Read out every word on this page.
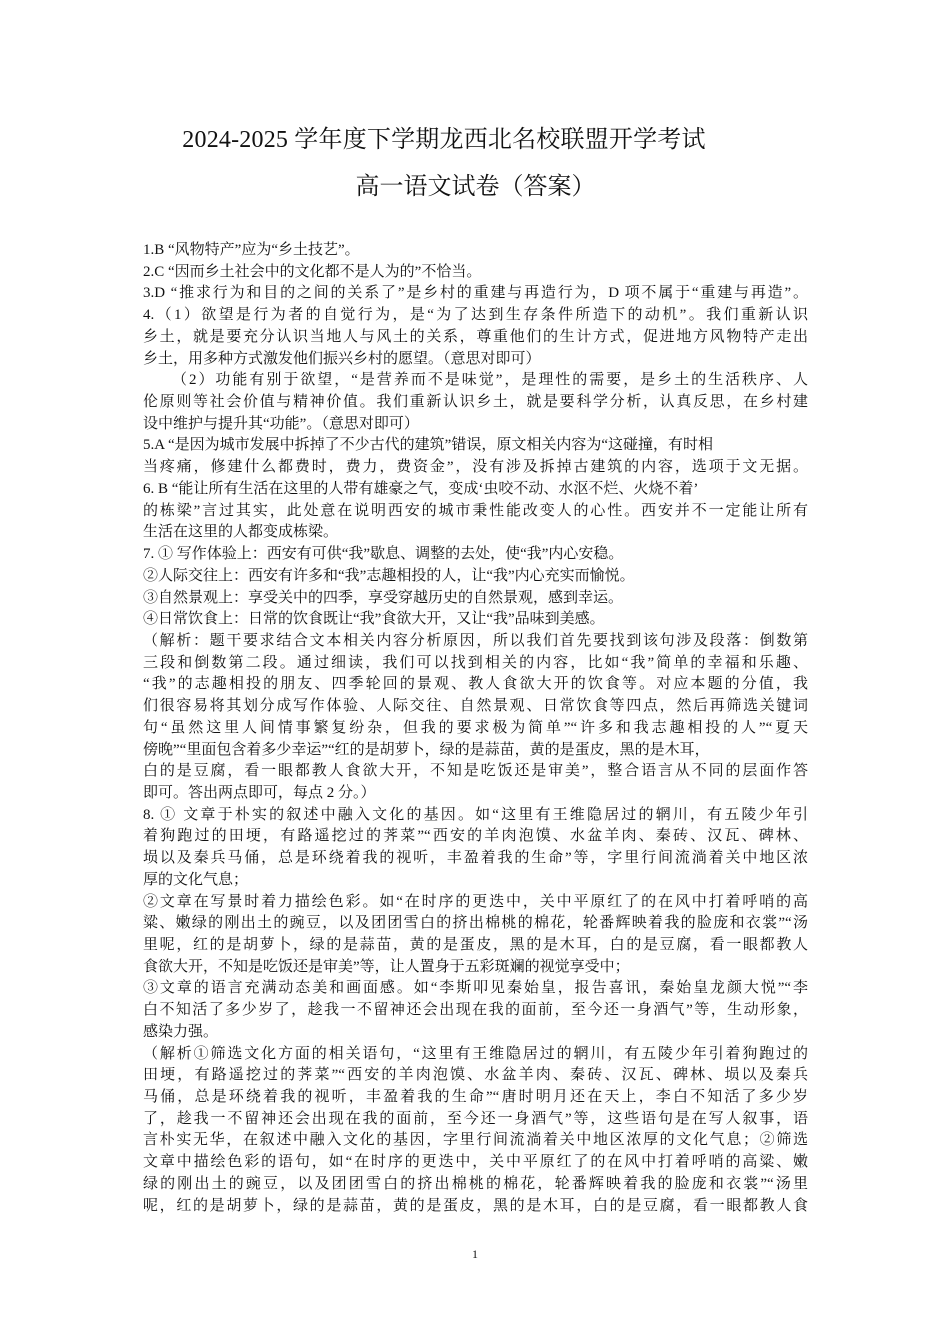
2024-2025 学年度下学期龙西北名校联盟开学考试
高一语文试卷（答案）
1.B “风物特产”应为“乡土技艺”。
2.C “因而乡土社会中的文化都不是人为的”不恰当。
3.D “推求行为和目的之间的关系了”是乡村的重建与再造行为，D 项不属于“重建与再造”。
4.（1）欲望是行为者的自觉行为，是“为了达到生存条件所造下的动机”。我们重新认识
乡土，就是要充分认识当地人与风土的关系，尊重他们的生计方式，促进地方风物特产走出
乡土，用多种方式激发他们振兴乡村的愿望。（意思对即可）
（2）功能有别于欲望，“是营养而不是味觉”，是理性的需要，是乡土的生活秩序、人
伦原则等社会价值与精神价值。我们重新认识乡土，就是要科学分析，认真反思，在乡村建
设中维护与提升其“功能”。（意思对即可）
5.A “是因为城市发展中拆掉了不少古代的建筑”错误，原文相关内容为“这碰撞，有时相
当疼痛，修建什么都费时，费力，费资金”，没有涉及拆掉古建筑的内容，选项于文无据。
6. B “能让所有生活在这里的人带有雄豪之气，变成‘虫咬不动、水沤不烂、火烧不着’
的栋梁”言过其实，此处意在说明西安的城市秉性能改变人的心性。西安并不一定能让所有
生活在这里的人都变成栋梁。
7. ① 写作体验上：西安有可供“我”歇息、调整的去处，使“我”内心安稳。
②人际交往上：西安有许多和“我”志趣相投的人，让“我”内心充实而愉悦。
③自然景观上：享受关中的四季，享受穿越历史的自然景观，感到幸运。
④日常饮食上：日常的饮食既让“我”食欲大开，又让“我”品味到美感。
（解析：题干要求结合文本相关内容分析原因，所以我们首先要找到该句涉及段落：倒数第
三段和倒数第二段。通过细读，我们可以找到相关的内容，比如“我”简单的幸福和乐趣、
“我”的志趣相投的朋友、四季轮回的景观、教人食欲大开的饮食等。对应本题的分值，我
们很容易将其划分成写作体验、人际交往、自然景观、日常饮食等四点，然后再筛选关键词
句“虽然这里人间情事繁复纷杂，但我的要求极为简单”“许多和我志趣相投的人”“夏天
傍晚”“里面包含着多少幸运”“红的是胡萝卜，绿的是蒜苗，黄的是蛋皮，黑的是木耳，
白的是豆腐，看一眼都教人食欲大开，不知是吃饭还是审美”，整合语言从不同的层面作答
即可。答出两点即可，每点 2 分。）
8. ① 文章于朴实的叙述中融入文化的基因。如“这里有王维隐居过的辋川，有五陵少年引
着狗跑过的田埂，有路遥挖过的荠菜”“西安的羊肉泡馍、水盆羊肉、秦砖、汉瓦、碑林、
埙以及秦兵马俑，总是环绕着我的视听，丰盈着我的生命”等，字里行间流淌着关中地区浓
厚的文化气息；
②文章在写景时着力描绘色彩。如“在时序的更迭中，关中平原红了的在风中打着呼哨的高
粱、嫩绿的刚出土的豌豆，以及团团雪白的挤出棉桃的棉花，轮番辉映着我的脸庞和衣裳”“汤
里呢，红的是胡萝卜，绿的是蒜苗，黄的是蛋皮，黑的是木耳，白的是豆腐，看一眼都教人
食欲大开，不知是吃饭还是审美”等，让人置身于五彩斑斓的视觉享受中；
③文章的语言充满动态美和画面感。如“李斯叩见秦始皇，报告喜讯，秦始皇龙颜大悦”“李
白不知活了多少岁了，趁我一不留神还会出现在我的面前，至今还一身酒气”等，生动形象，
感染力强。
（解析①筛选文化方面的相关语句，“这里有王维隐居过的辋川，有五陵少年引着狗跑过的
田埂，有路遥挖过的荠菜”“西安的羊肉泡馍、水盆羊肉、秦砖、汉瓦、碑林、埙以及秦兵
马俑，总是环绕着我的视听，丰盈着我的生命”“唐时明月还在天上，李白不知活了多少岁
了，趁我一不留神还会出现在我的面前，至今还一身酒气”等，这些语句是在写人叙事，语
言朴实无华，在叙述中融入文化的基因，字里行间流淌着关中地区浓厚的文化气息；②筛选
文章中描绘色彩的语句，如“在时序的更迭中，关中平原红了的在风中打着呼哨的高粱、嫩
绿的刚出土的豌豆，以及团团雪白的挤出棉桃的棉花，轮番辉映着我的脸庞和衣裳”“汤里
呢，红的是胡萝卜，绿的是蒜苗，黄的是蛋皮，黑的是木耳，白的是豆腐，看一眼都教人食
1
